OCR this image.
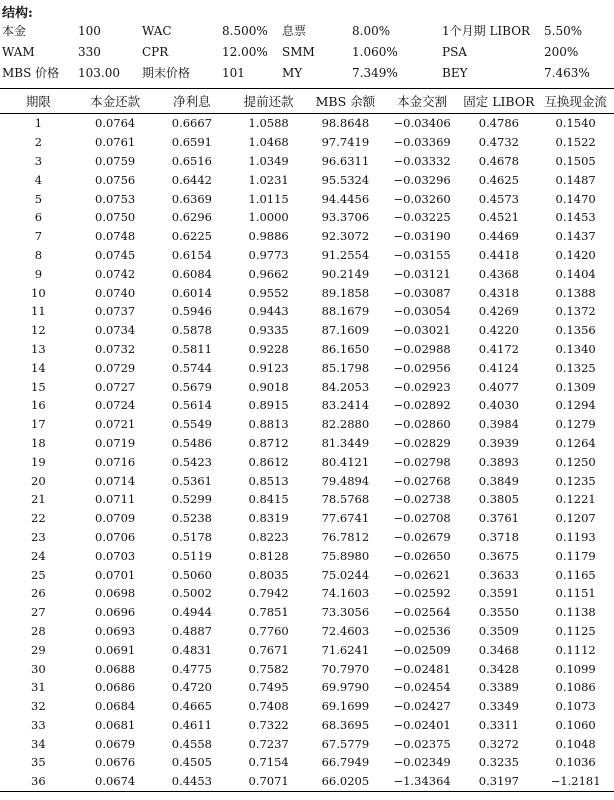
结构:
本金	100	WAC	8.500%	息票	8.00%	1个月期 LIBOR	5.50%
WAM	330	CPR	12.00%	SMM	1.060%	PSA	200%
MBS 价格	103.00	期末价格	101	MY	7.349%	BEY	7.463%
期限	本金还款	净利息	提前还款	MBS 余额	本金交割	固定 LIBOR	互换现金流
1	0.0764	0.6667	1.0588	98.8648	−0.03406	0.4786	0.1540
2	0.0761	0.6591	1.0468	97.7419	−0.03369	0.4732	0.1522
3	0.0759	0.6516	1.0349	96.6311	−0.03332	0.4678	0.1505
4	0.0756	0.6442	1.0231	95.5324	−0.03296	0.4625	0.1487
5	0.0753	0.6369	1.0115	94.4456	−0.03260	0.4573	0.1470
6	0.0750	0.6296	1.0000	93.3706	−0.03225	0.4521	0.1453
7	0.0748	0.6225	0.9886	92.3072	−0.03190	0.4469	0.1437
8	0.0745	0.6154	0.9773	91.2554	−0.03155	0.4418	0.1420
9	0.0742	0.6084	0.9662	90.2149	−0.03121	0.4368	0.1404
10	0.0740	0.6014	0.9552	89.1858	−0.03087	0.4318	0.1388
11	0.0737	0.5946	0.9443	88.1679	−0.03054	0.4269	0.1372
12	0.0734	0.5878	0.9335	87.1609	−0.03021	0.4220	0.1356
13	0.0732	0.5811	0.9228	86.1650	−0.02988	0.4172	0.1340
14	0.0729	0.5744	0.9123	85.1798	−0.02956	0.4124	0.1325
15	0.0727	0.5679	0.9018	84.2053	−0.02923	0.4077	0.1309
16	0.0724	0.5614	0.8915	83.2414	−0.02892	0.4030	0.1294
17	0.0721	0.5549	0.8813	82.2880	−0.02860	0.3984	0.1279
18	0.0719	0.5486	0.8712	81.3449	−0.02829	0.3939	0.1264
19	0.0716	0.5423	0.8612	80.4121	−0.02798	0.3893	0.1250
20	0.0714	0.5361	0.8513	79.4894	−0.02768	0.3849	0.1235
21	0.0711	0.5299	0.8415	78.5768	−0.02738	0.3805	0.1221
22	0.0709	0.5238	0.8319	77.6741	−0.02708	0.3761	0.1207
23	0.0706	0.5178	0.8223	76.7812	−0.02679	0.3718	0.1193
24	0.0703	0.5119	0.8128	75.8980	−0.02650	0.3675	0.1179
25	0.0701	0.5060	0.8035	75.0244	−0.02621	0.3633	0.1165
26	0.0698	0.5002	0.7942	74.1603	−0.02592	0.3591	0.1151
27	0.0696	0.4944	0.7851	73.3056	−0.02564	0.3550	0.1138
28	0.0693	0.4887	0.7760	72.4603	−0.02536	0.3509	0.1125
29	0.0691	0.4831	0.7671	71.6241	−0.02509	0.3468	0.1112
30	0.0688	0.4775	0.7582	70.7970	−0.02481	0.3428	0.1099
31	0.0686	0.4720	0.7495	69.9790	−0.02454	0.3389	0.1086
32	0.0684	0.4665	0.7408	69.1699	−0.02427	0.3349	0.1073
33	0.0681	0.4611	0.7322	68.3695	−0.02401	0.3311	0.1060
34	0.0679	0.4558	0.7237	67.5779	−0.02375	0.3272	0.1048
35	0.0676	0.4505	0.7154	66.7949	−0.02349	0.3235	0.1036
36	0.0674	0.4453	0.7071	66.0205	−1.34364	0.3197	−1.2181
